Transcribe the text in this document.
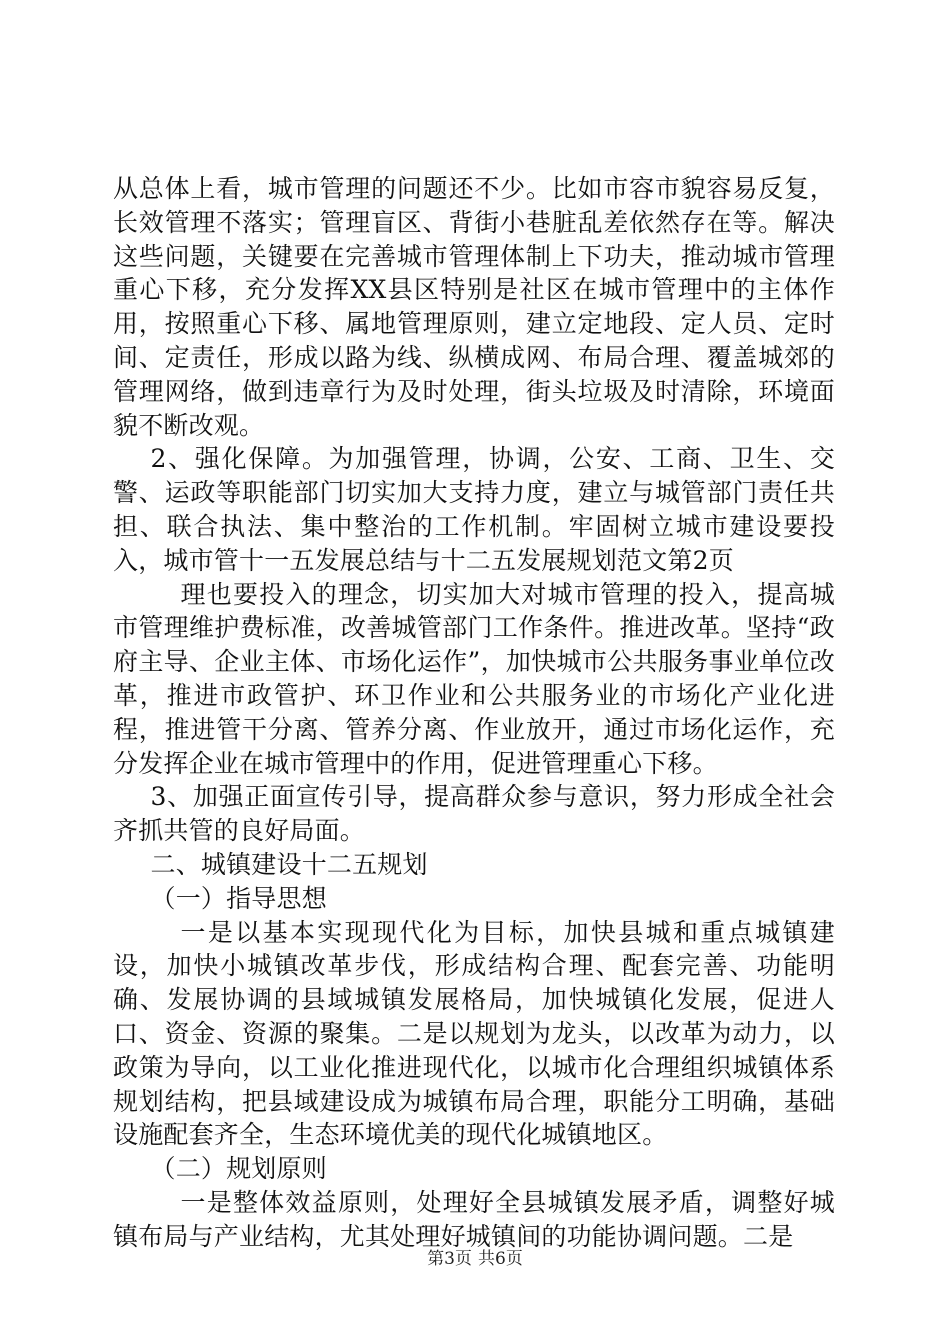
从总体上看，城市管理的问题还不少。比如市容市貌容易反复，长效管理不落实；管理盲区、背街小巷脏乱差依然存在等。解决这些问题，关键要在完善城市管理体制上下功夫，推动城市管理重心下移，充分发挥XX县区特别是社区在城市管理中的主体作用，按照重心下移、属地管理原则，建立定地段、定人员、定时间、定责任，形成以路为线、纵横成网、布局合理、覆盖城郊的管理网络，做到违章行为及时处理，街头垃圾及时清除，环境面貌不断改观。

2、强化保障。为加强管理，协调，公安、工商、卫生、交警、运政等职能部门切实加大支持力度，建立与城管部门责任共担、联合执法、集中整治的工作机制。牢固树立城市建设要投入，城市管十一五发展总结与十二五发展规划范文第2页

理也要投入的理念，切实加大对城市管理的投入，提高城市管理维护费标准，改善城管部门工作条件。推进改革。坚持“政府主导、企业主体、市场化运作”，加快城市公共服务事业单位改革，推进市政管护、环卫作业和公共服务业的市场化产业化进程，推进管干分离、管养分离、作业放开，通过市场化运作，充分发挥企业在城市管理中的作用，促进管理重心下移。

3、加强正面宣传引导，提高群众参与意识，努力形成全社会齐抓共管的良好局面。

二、城镇建设十二五规划

（一）指导思想

一是以基本实现现代化为目标，加快县城和重点城镇建设，加快小城镇改革步伐，形成结构合理、配套完善、功能明确、发展协调的县域城镇发展格局，加快城镇化发展，促进人口、资金、资源的聚集。二是以规划为龙头，以改革为动力，以政策为导向，以工业化推进现代化，以城市化合理组织城镇体系规划结构，把县域建设成为城镇布局合理，职能分工明确，基础设施配套齐全，生态环境优美的现代化城镇地区。

（二）规划原则

一是整体效益原则，处理好全县城镇发展矛盾，调整好城镇布局与产业结构，尤其处理好城镇间的功能协调问题。二是

第3页 共6页
